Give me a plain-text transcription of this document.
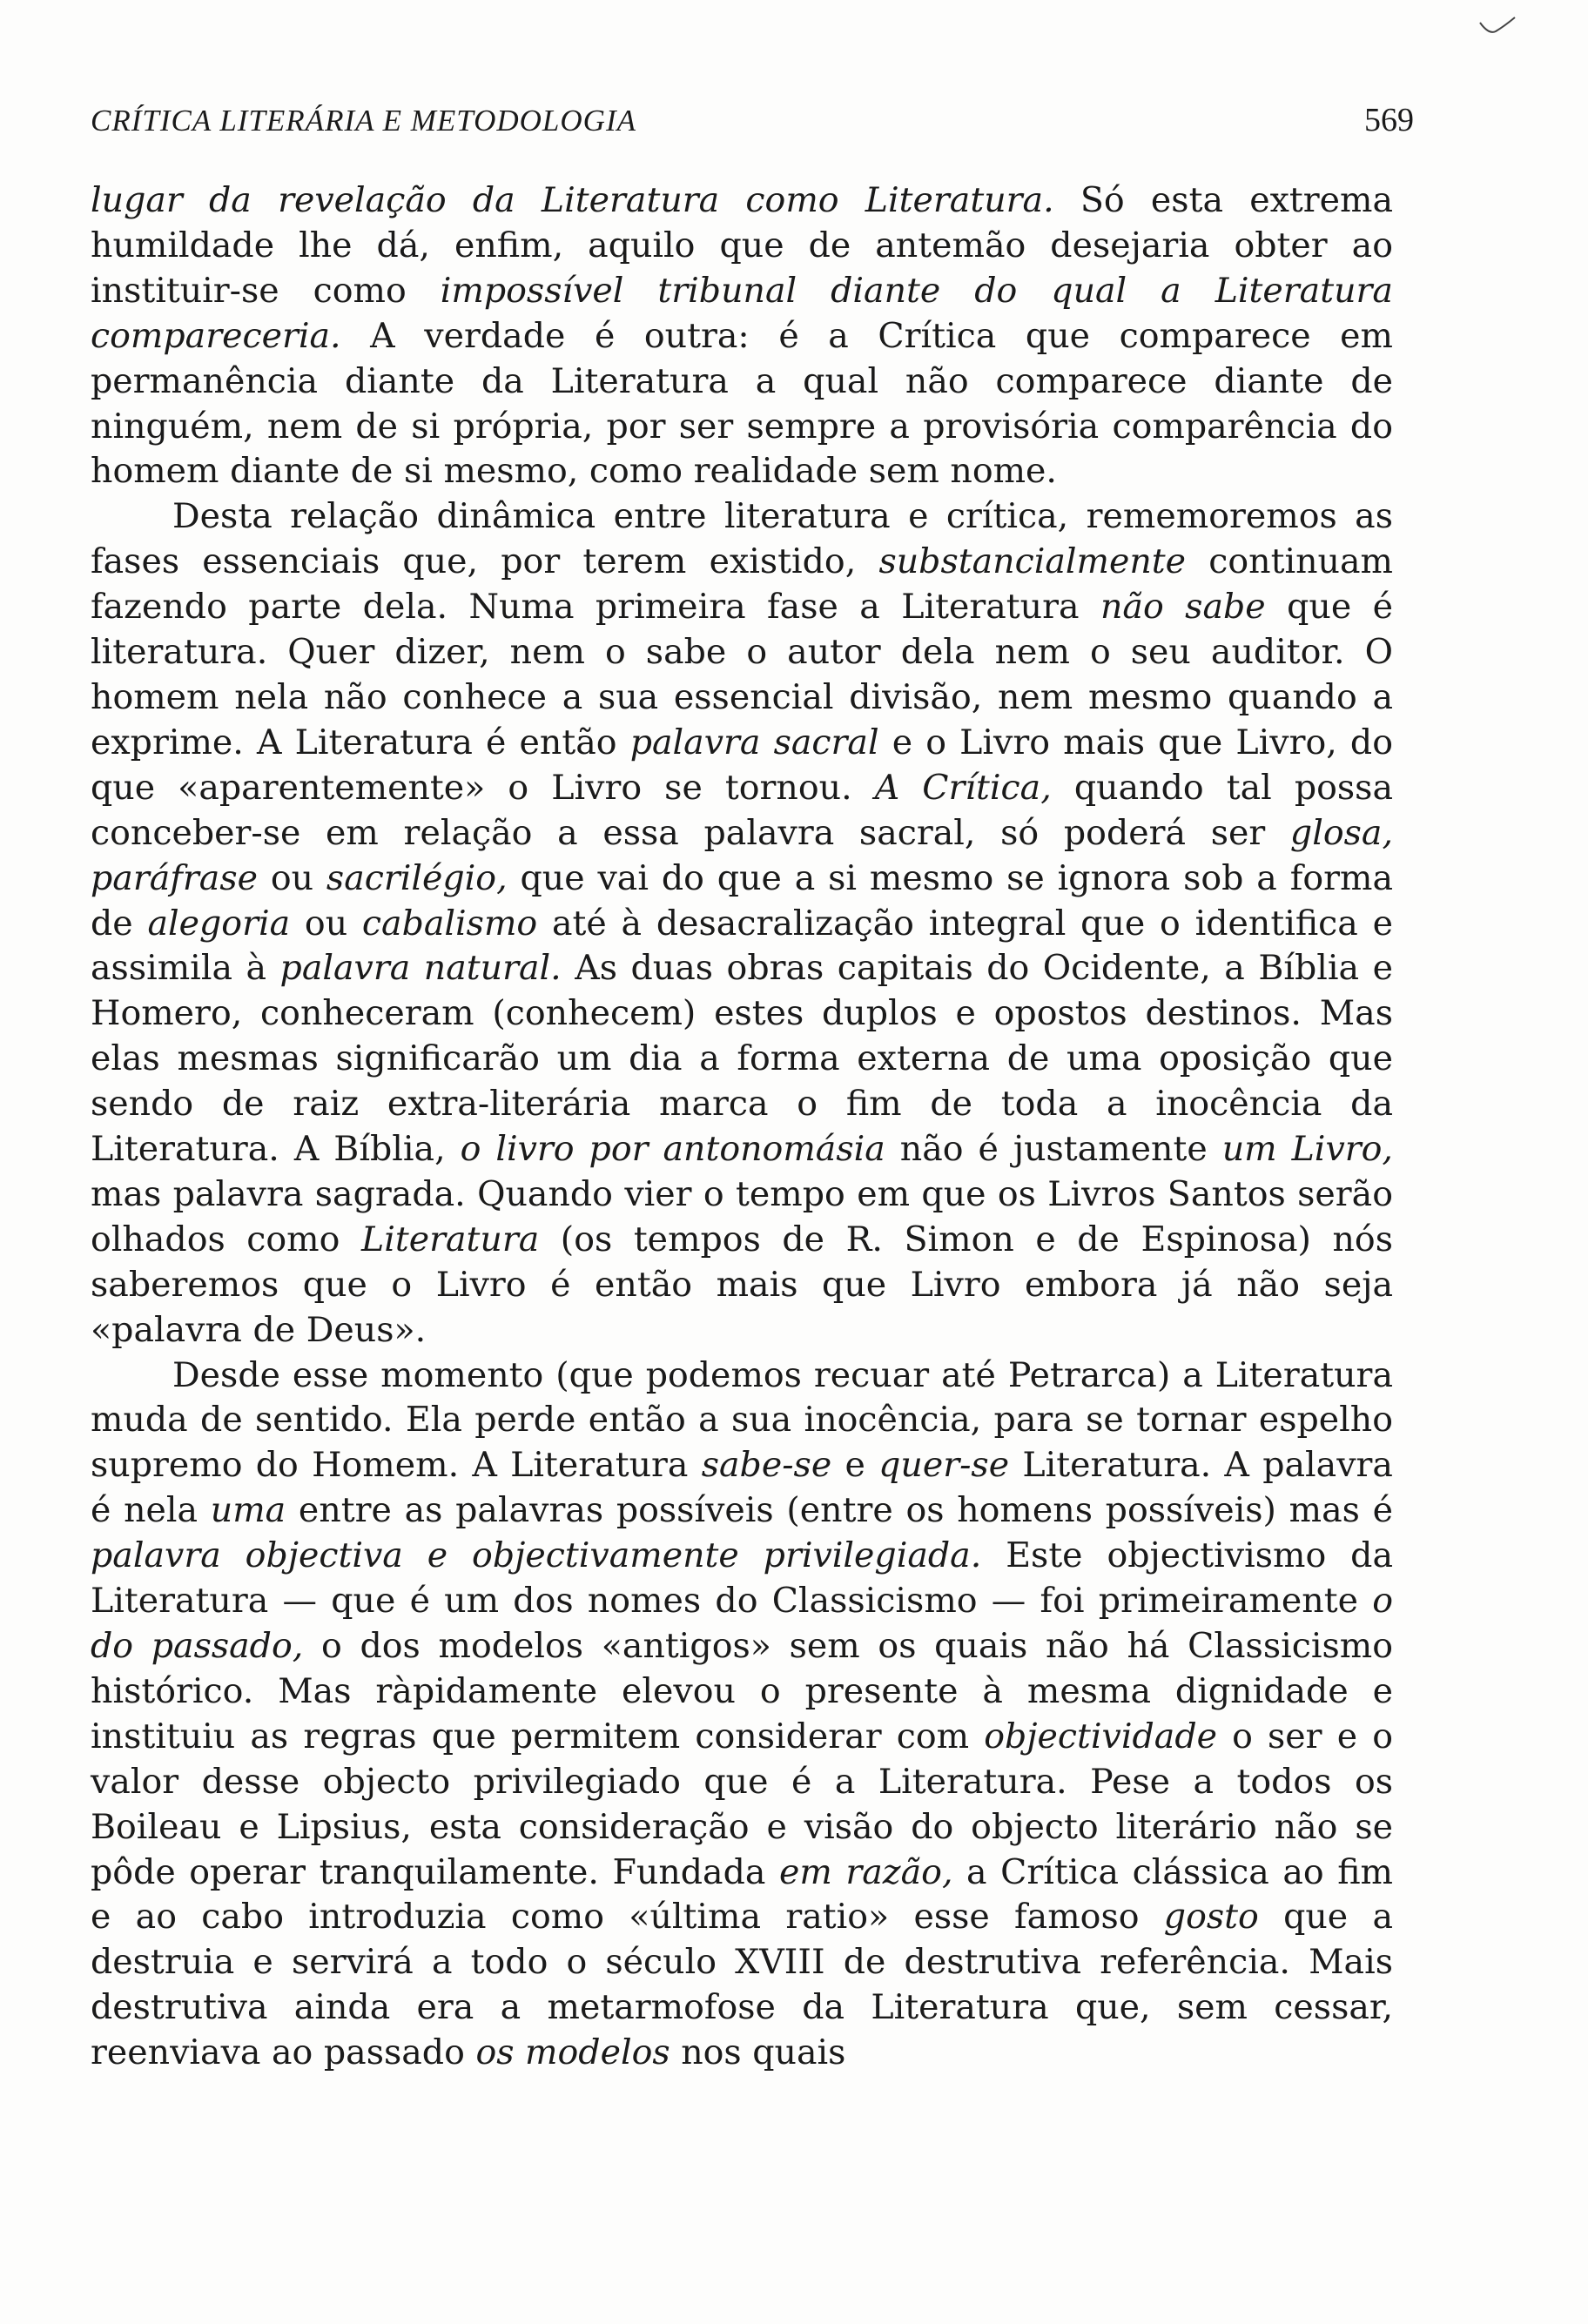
CRÍTICA LITERÁRIA E METODOLOGIA	569

lugar da revelação da Literatura como Literatura. Só esta extrema humildade lhe dá, enfim, aquilo que de antemão desejaria obter ao instituir-se como impossível tribunal diante do qual a Literatura compareceria. A verdade é outra: é a Crítica que comparece em permanência diante da Literatura a qual não comparece diante de ninguém, nem de si própria, por ser sempre a provisória comparência do homem diante de si mesmo, como realidade sem nome.

Desta relação dinâmica entre literatura e crítica, rememoremos as fases essenciais que, por terem existido, substancialmente continuam fazendo parte dela. Numa primeira fase a Literatura não sabe que é literatura. Quer dizer, nem o sabe o autor dela nem o seu auditor. O homem nela não conhece a sua essencial divisão, nem mesmo quando a exprime. A Literatura é então palavra sacral e o Livro mais que Livro, do que «aparentemente» o Livro se tornou. A Crítica, quando tal possa conceber-se em relação a essa palavra sacral, só poderá ser glosa, paráfrase ou sacrilégio, que vai do que a si mesmo se ignora sob a forma de alegoria ou cabalismo até à desacralização integral que o identifica e assimila à palavra natural. As duas obras capitais do Ocidente, a Bíblia e Homero, conheceram (conhecem) estes duplos e opostos destinos. Mas elas mesmas significarão um dia a forma externa de uma oposição que sendo de raiz extra-literária marca o fim de toda a inocência da Literatura. A Bíblia, o livro por antonomásia não é justamente um Livro, mas palavra sagrada. Quando vier o tempo em que os Livros Santos serão olhados como Literatura (os tempos de R. Simon e de Espinosa) nós saberemos que o Livro é então mais que Livro embora já não seja «palavra de Deus».

Desde esse momento (que podemos recuar até Petrarca) a Literatura muda de sentido. Ela perde então a sua inocência, para se tornar espelho supremo do Homem. A Literatura sabe-se e quer-se Literatura. A palavra é nela uma entre as palavras possíveis (entre os homens possíveis) mas é palavra objectiva e objectivamente privilegiada. Este objectivismo da Literatura — que é um dos nomes do Classicismo — foi primeiramente o do passado, o dos modelos «antigos» sem os quais não há Classicismo histórico. Mas ràpidamente elevou o presente à mesma dignidade e instituiu as regras que permitem considerar com objectividade o ser e o valor desse objecto privilegiado que é a Literatura. Pese a todos os Boileau e Lipsius, esta consideração e visão do objecto literário não se pôde operar tranquilamente. Fundada em razão, a Crítica clássica ao fim e ao cabo introduzia como «última ratio» esse famoso gosto que a destruia e servirá a todo o século XVIII de destrutiva referência. Mais destrutiva ainda era a metarmofose da Literatura que, sem cessar, reenviava ao passado os modelos nos quais
